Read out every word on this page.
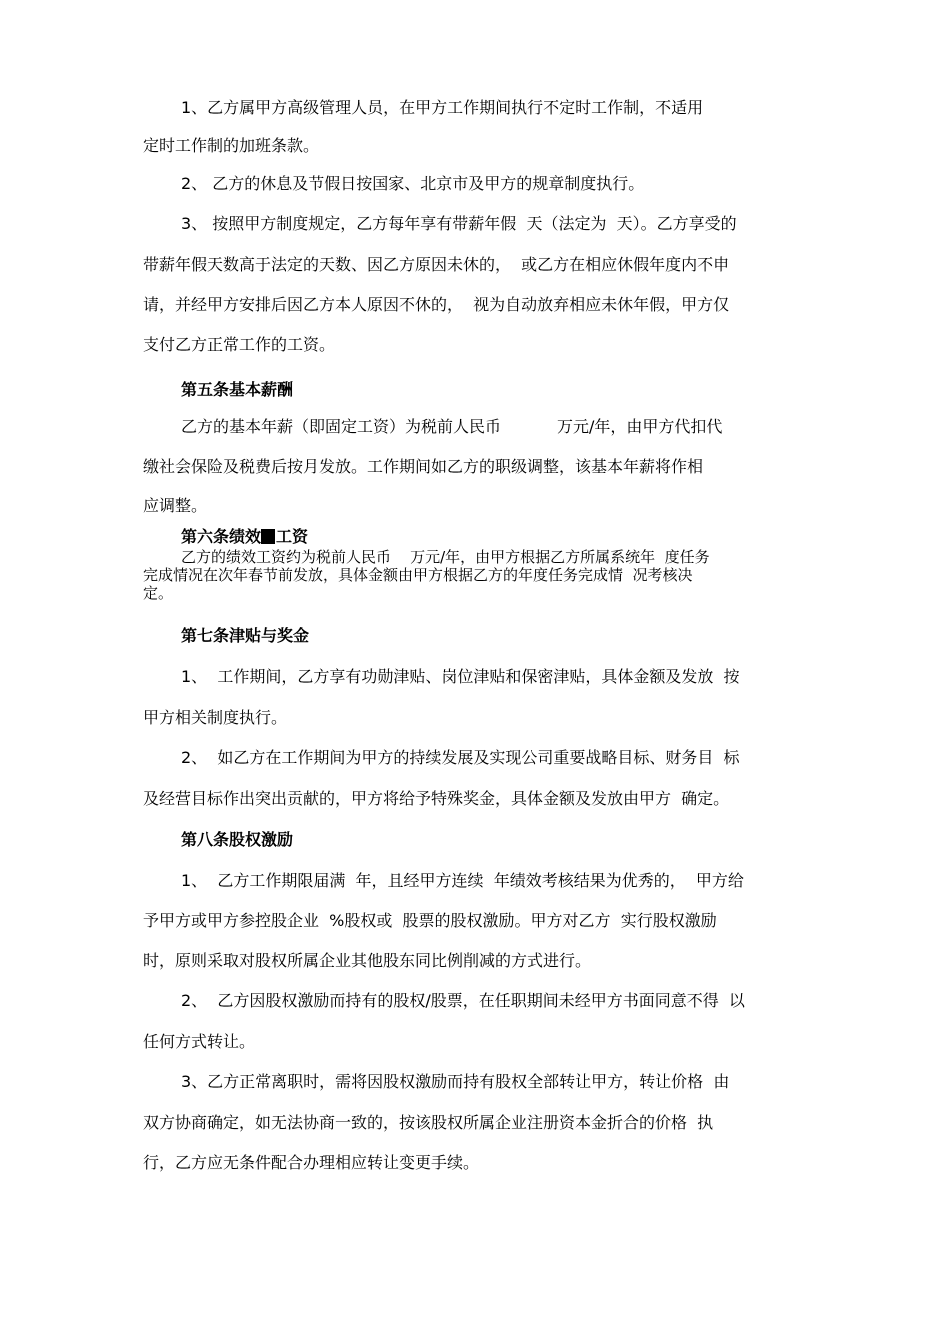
1、乙方属甲方高级管理人员，在甲方工作期间执行不定时工作制，不适用

定时工作制的加班条款。

2、 乙方的休息及节假日按国家、北京市及甲方的规章制度执行。

3、 按照甲方制度规定，乙方每年享有带薪年假  天（法定为  天）。乙方享受的

带薪年假天数高于法定的天数、因乙方原因未休的，  或乙方在相应休假年度内不申

请，并经甲方安排后因乙方本人原因不休的，  视为自动放弃相应未休年假，甲方仅

支付乙方正常工作的工资。

第五条基本薪酬

乙方的基本年薪（即固定工资）为税前人民币           万元/年，由甲方代扣代

缴社会保险及税费后按月发放。工作期间如乙方的职级调整，该基本年薪将作相

应调整。

第六条绩效 工资

乙方的绩效工资约为税前人民币    万元/年，由甲方根据乙方所属系统年  度任务

完成情况在次年春节前发放，具体金额由甲方根据乙方的年度任务完成情  况考核决

定。

第七条津贴与奖金

1、  工作期间，乙方享有功勋津贴、岗位津贴和保密津贴，具体金额及发放  按

甲方相关制度执行。

2、  如乙方在工作期间为甲方的持续发展及实现公司重要战略目标、财务目  标

及经营目标作出突出贡献的，甲方将给予特殊奖金，具体金额及发放由甲方  确定。

第八条股权激励

1、  乙方工作期限届满  年，且经甲方连续  年绩效考核结果为优秀的，  甲方给

予甲方或甲方参控股企业  %股权或  股票的股权激励。甲方对乙方  实行股权激励

时，原则采取对股权所属企业其他股东同比例削减的方式进行。

2、  乙方因股权激励而持有的股权/股票，在任职期间未经甲方书面同意不得  以

任何方式转让。

3、乙方正常离职时，需将因股权激励而持有股权全部转让甲方，转让价格  由

双方协商确定，如无法协商一致的，按该股权所属企业注册资本金折合的价格  执

行，乙方应无条件配合办理相应转让变更手续。
